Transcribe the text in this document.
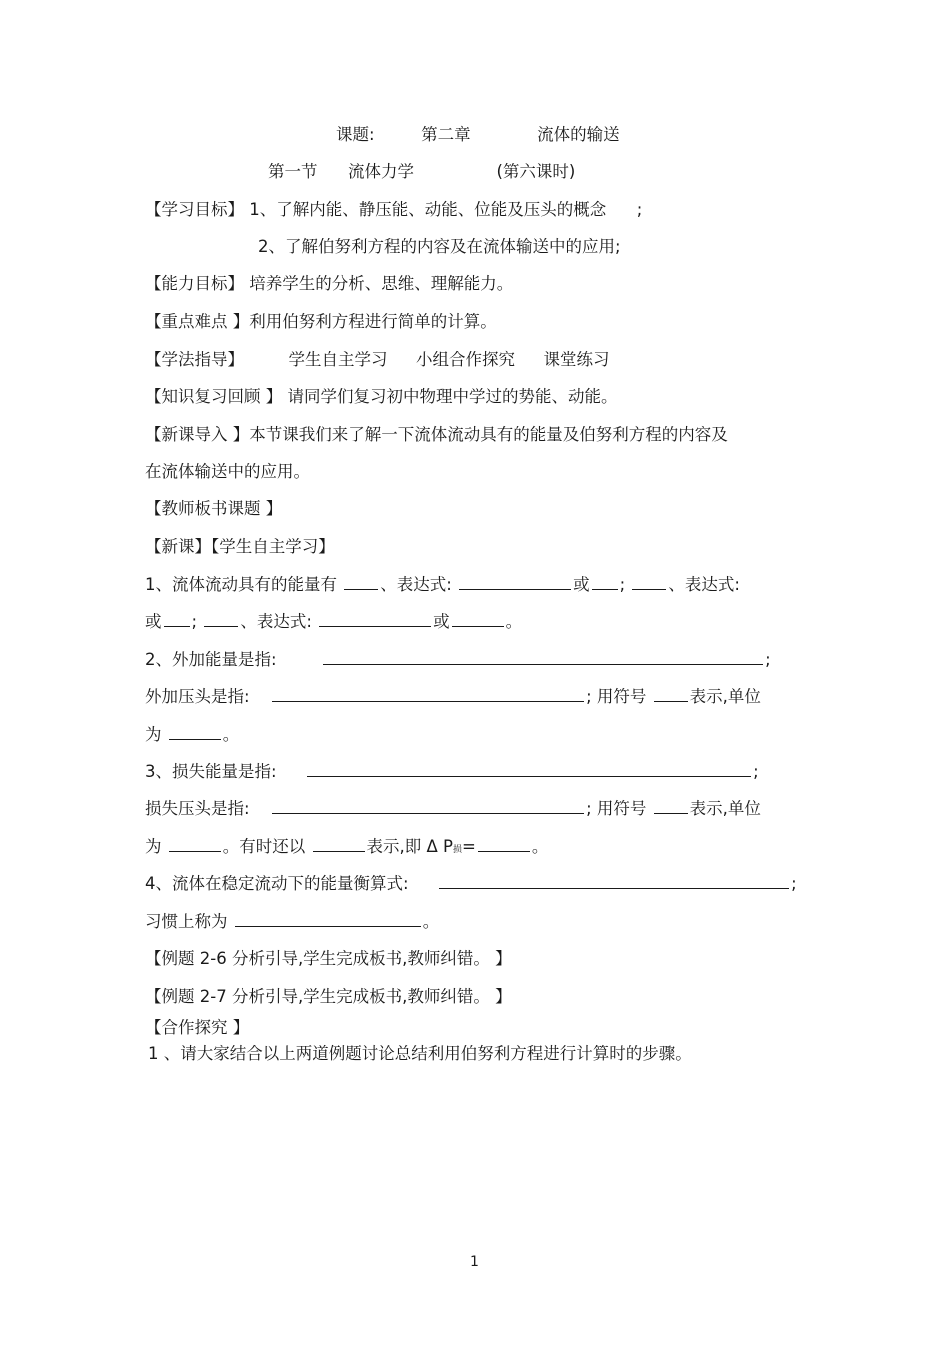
课题:	第二章	流体的输送
第一节 流体力学	(第六课时)
【学习目标】 1、了解内能、静压能、动能、位能及压头的概念 ;
2、了解伯努利方程的内容及在流体输送中的应用;
【能力目标】 培养学生的分析、思维、理解能力。
【重点难点 】利用伯努利方程进行简单的计算。
【学法指导】	学生自主学习 小组合作探究 课堂练习
【知识复习回顾 】 请同学们复习初中物理中学过的势能、动能。
【新课导入 】本节课我们来了解一下流体流动具有的能量及伯努利方程的内容及
在流体输送中的应用。
【教师板书课题 】
【新课】【学生自主学习】
1、流体流动具有的能量有	、表达式:	或 ;	、表达式:
或 ;	、表达式:	或	。
2、外加能量是指:	;
外加压头是指:	; 用符号	表示,单位
为	。
3、损失能量是指:	;
损失压头是指:	; 用符号	表示,单位
为	。有时还以	表示,即 Δ P损=	。
4、流体在稳定流动下的能量衡算式:	;
习惯上称为	。
【例题 2-6 分析引导,学生完成板书,教师纠错。 】
【例题 2-7 分析引导,学生完成板书,教师纠错。 】
【合作探究 】
1 、请大家结合以上两道例题讨论总结利用伯努利方程进行计算时的步骤。
1
